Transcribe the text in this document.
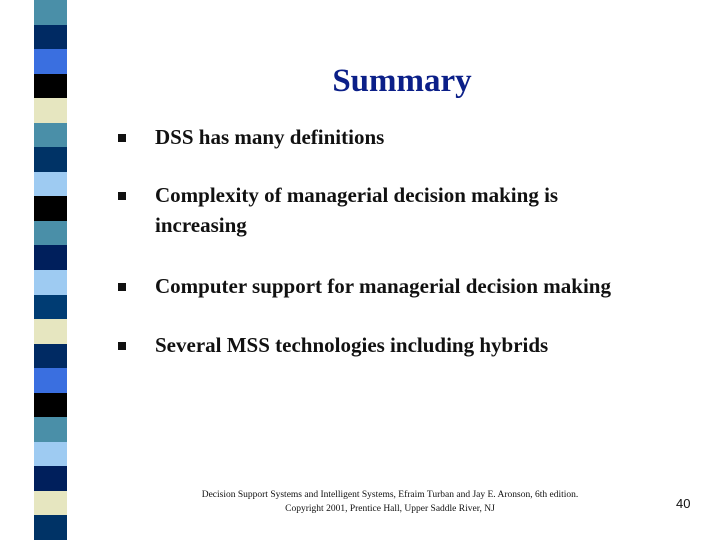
Summary
DSS has many definitions
Complexity of managerial decision making is increasing
Computer support for managerial decision making
Several MSS technologies including hybrids
Decision Support Systems and Intelligent Systems, Efraim Turban and Jay E. Aronson, 6th edition.
Copyright 2001, Prentice Hall, Upper Saddle River, NJ	40
